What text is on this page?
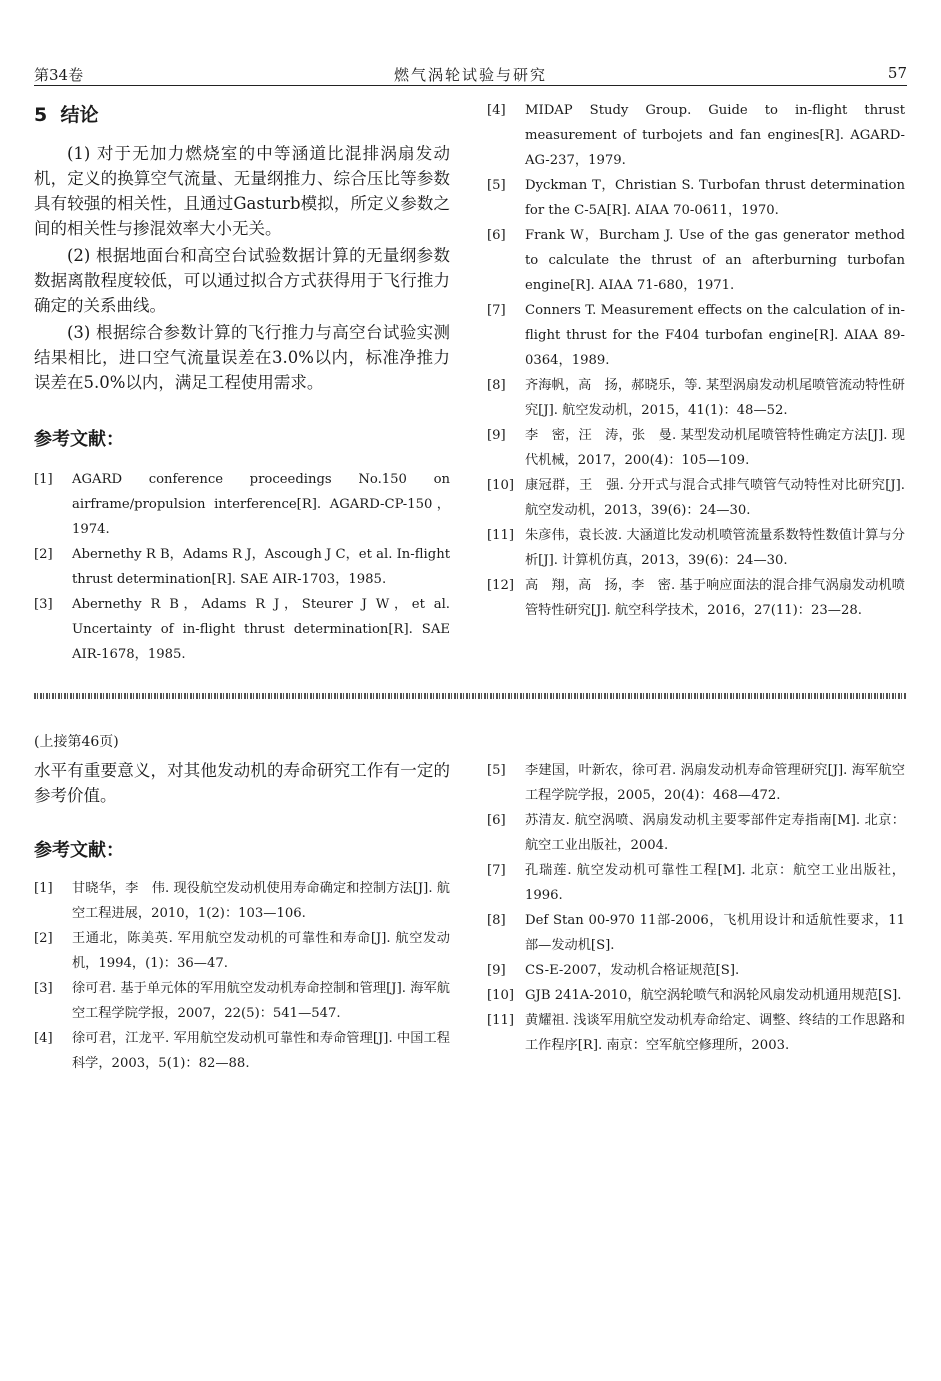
第34卷	燃气涡轮试验与研究	57
5  结论

(1) 对于无加力燃烧室的中等涵道比混排涡扇发动机，定义的换算空气流量、无量纲推力、综合压比等参数具有较强的相关性，且通过Gasturb模拟，所定义参数之间的相关性与掺混效率大小无关。

(2) 根据地面台和高空台试验数据计算的无量纲参数数据离散程度较低，可以通过拟合方式获得用于飞行推力确定的关系曲线。

(3) 根据综合参数计算的飞行推力与高空台试验实测结果相比，进口空气流量误差在3.0%以内，标准净推力误差在5.0%以内，满足工程使用需求。

参考文献：
[1]	AGARD conference proceedings No.150 on airframe/propulsion interference[R]. AGARD-CP-150，1974.
[2]	Abernethy R B，Adams R J，Ascough J C，et al. In-flight thrust determination[R]. SAE AIR-1703，1985.
[3]	Abernethy R B，Adams R J，Steurer J W，et al. Uncertainty of in-flight thrust determination[R]. SAE AIR-1678，1985.
[4]	MIDAP Study Group. Guide to in-flight thrust measurement of turbojets and fan engines[R]. AGARD-AG-237，1979.
[5]	Dyckman T，Christian S. Turbofan thrust determination for the C-5A[R]. AIAA 70-0611，1970.
[6]	Frank W，Burcham J. Use of the gas generator method to calculate the thrust of an afterburning turbofan engine[R]. AIAA 71-680，1971.
[7]	Conners T. Measurement effects on the calculation of in-flight thrust for the F404 turbofan engine[R]. AIAA 89-0364，1989.
[8]	齐海帆，高　扬，郝晓乐，等. 某型涡扇发动机尾喷管流动特性研究[J]. 航空发动机，2015，41(1)：48—52.
[9]	李　密，汪　涛，张　曼. 某型发动机尾喷管特性确定方法[J]. 现代机械，2017，200(4)：105—109.
[10] 康冠群，王　强. 分开式与混合式排气喷管气动特性对比研究[J]. 航空发动机，2013，39(6)：24—30.
[11] 朱彦伟，袁长波. 大涵道比发动机喷管流量系数特性数值计算与分析[J]. 计算机仿真，2013，39(6)：24—30.
[12] 高　翔，高　扬，李　密. 基于响应面法的混合排气涡扇发动机喷管特性研究[J]. 航空科学技术，2016，27(11)：23—28.
(上接第46页)

水平有重要意义，对其他发动机的寿命研究工作有一定的参考价值。

参考文献：
[1]	甘晓华，李　伟. 现役航空发动机使用寿命确定和控制方法[J]. 航空工程进展，2010，1(2)：103—106.
[2]	王通北，陈美英. 军用航空发动机的可靠性和寿命[J]. 航空发动机，1994，(1)：36—47.
[3]	徐可君. 基于单元体的军用航空发动机寿命控制和管理[J]. 海军航空工程学院学报，2007，22(5)：541—547.
[4]	徐可君，江龙平. 军用航空发动机可靠性和寿命管理[J]. 中国工程科学，2003，5(1)：82—88.
[5]	李建国，叶新农，徐可君. 涡扇发动机寿命管理研究[J]. 海军航空工程学院学报，2005，20(4)：468—472.
[6]	苏清友. 航空涡喷、涡扇发动机主要零部件定寿指南[M]. 北京：航空工业出版社，2004.
[7]	孔瑞莲. 航空发动机可靠性工程[M]. 北京：航空工业出版社，1996.
[8]	Def Stan 00-970 11部-2006，飞机用设计和适航性要求，11部—发动机[S].
[9]	CS-E-2007，发动机合格证规范[S].
[10] GJB 241A-2010，航空涡轮喷气和涡轮风扇发动机通用规范[S].
[11] 黄耀祖. 浅谈军用航空发动机寿命给定、调整、终结的工作思路和工作程序[R]. 南京：空军航空修理所，2003.
